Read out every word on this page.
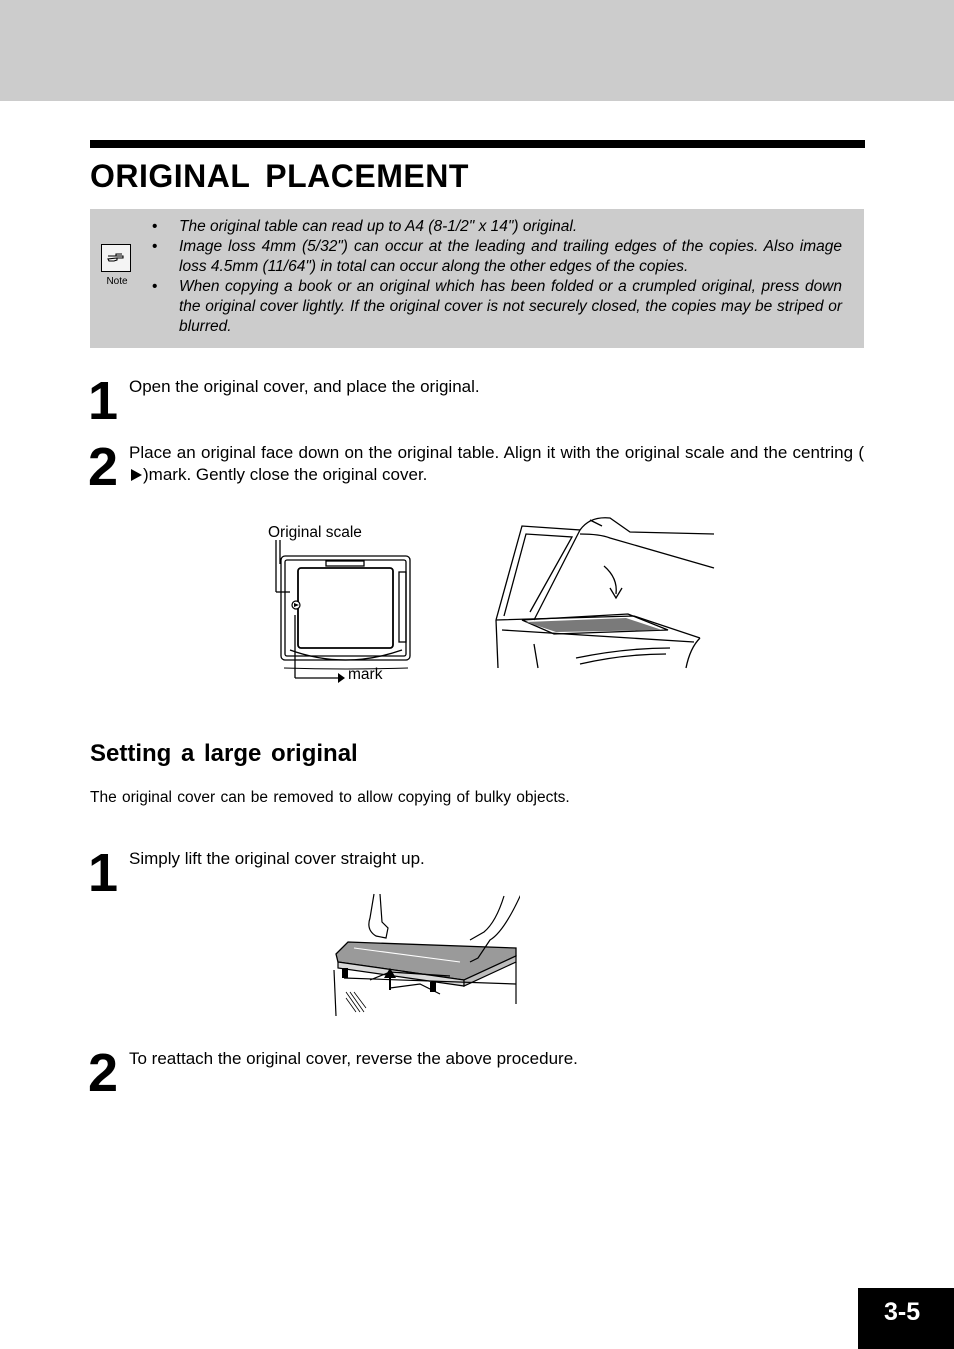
ORIGINAL PLACEMENT
Note
• The original table can read up to A4 (8-1/2" x 14") original.
• Image loss 4mm (5/32") can occur at the leading and trailing edges of the copies. Also image loss 4.5mm (11/64") in total can occur along the other edges of the copies.
• When copying a book or an original which has been folded or a crumpled original, press down the original cover lightly. If the original cover is not securely closed, the copies may be striped or blurred.
1 Open the original cover, and place the original.
2 Place an original face down on the original table. Align it with the original scale and the centring ( )mark. Gently close the original cover.
Original scale
mark
Setting a large original
The original cover can be removed to allow copying of bulky objects.
1 Simply lift the original cover straight up.
2 To reattach the original cover, reverse the above procedure.
3-5
